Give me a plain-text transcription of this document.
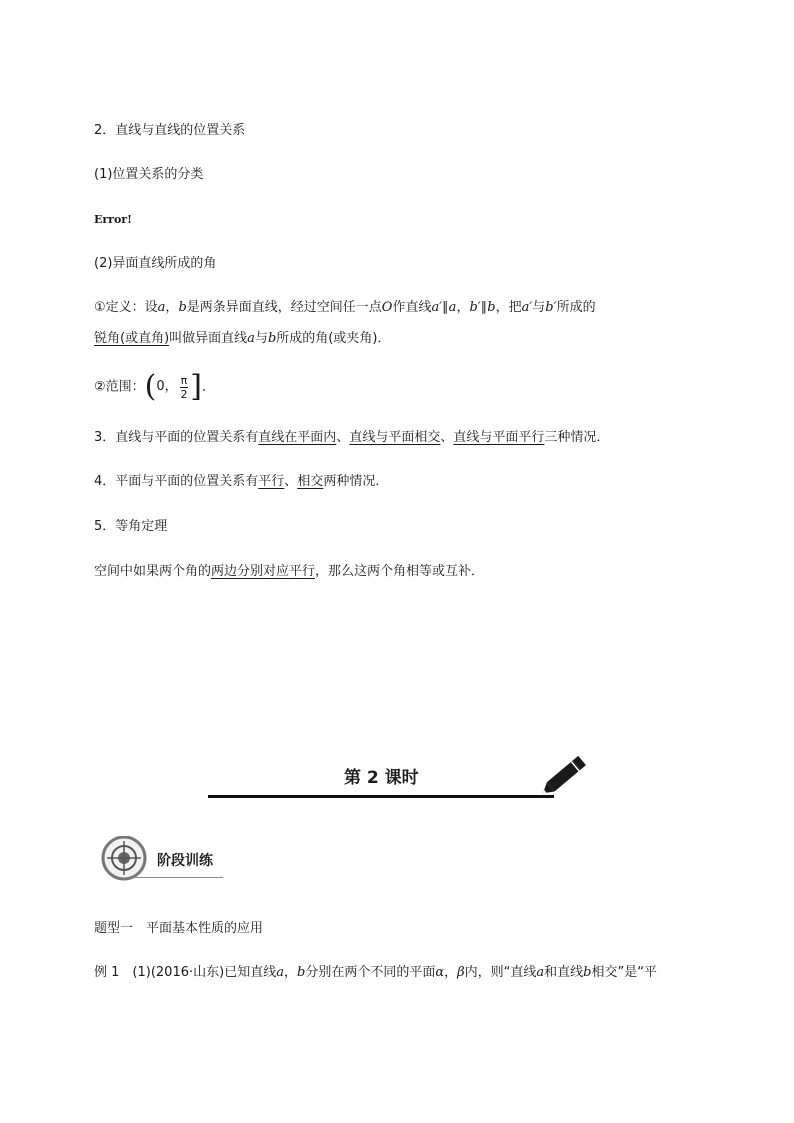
2．直线与直线的位置关系
(1)位置关系的分类
Error!
(2)异面直线所成的角
①定义：设a，b是两条异面直线，经过空间任一点O作直线a′∥a，b′∥b，把a′与b′所成的
锐角(或直角)叫做异面直线a与b所成的角(或夹角)．
②范围： ( 0， $\frac{\pi}{2}$ ] ．
3．直线与平面的位置关系有直线在平面内、直线与平面相交、直线与平面平行三种情况．
4．平面与平面的位置关系有平行、相交两种情况．
5．等角定理
空间中如果两个角的两边分别对应平行，那么这两个角相等或互补．
第 2 课时
阶段训练
题型一　平面基本性质的应用
例 1　 (1)(2016·山东)已知直线a，b分别在两个不同的平面α，β内，则“直线a和直线b相交”是“平
